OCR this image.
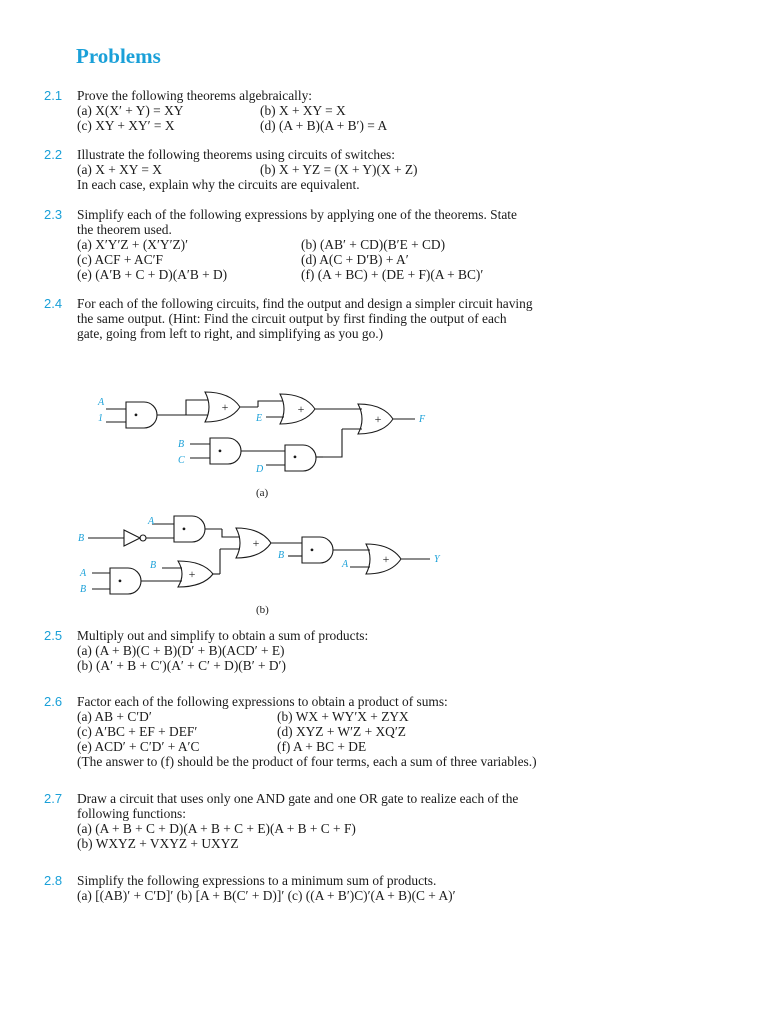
Problems
2.1 Prove the following theorems algebraically:
(a) X(X′ + Y) = XY	(b) X + XY = X
(c) XY + XY′ = X	(d) (A + B)(A + B′) = A
2.2 Illustrate the following theorems using circuits of switches:
(a) X + XY = X	(b) X + YZ = (X + Y)(X + Z)
In each case, explain why the circuits are equivalent.
2.3 Simplify each of the following expressions by applying one of the theorems. State
the theorem used.
(a) X′Y′Z + (X′Y′Z)′	(b) (AB′ + CD)(B′E + CD)
(c) ACF + AC′F	(d) A(C + D′B) + A′
(e) (A′B + C + D)(A′B + D)	(f) (A + BC) + (DE + F)(A + BC)′
2.4 For each of the following circuits, find the output and design a simpler circuit having
the same output. (Hint: Find the circuit output by first finding the output of each
gate, going from left to right, and simplifying as you go.)
•
+	+
+
•	•
A
1
B
C
E
D
F
(a)
•
+	•
+
•	+
B
A
A
B
B
B
A	Y
(b)
2.5 Multiply out and simplify to obtain a sum of products:
(a) (A + B)(C + B)(D′ + B)(ACD′ + E)
(b) (A′ + B + C′)(A′ + C′ + D)(B′ + D′)
2.6 Factor each of the following expressions to obtain a product of sums:
(a) AB + C′D′	(b) WX + WY′X + ZYX
(c) A′BC + EF + DEF′	(d) XYZ + W′Z + XQ′Z
(e) ACD′ + C′D′ + A′C	(f) A + BC + DE
(The answer to (f) should be the product of four terms, each a sum of three variables.)
2.7 Draw a circuit that uses only one AND gate and one OR gate to realize each of the
following functions:
(a) (A + B + C + D)(A + B + C + E)(A + B + C + F)
(b) WXYZ + VXYZ + UXYZ
2.8 Simplify the following expressions to a minimum sum of products.
(a) [(AB)′ + C′D]′ (b) [A + B(C′ + D)]′ (c) ((A + B′)C)′(A + B)(C + A)′
